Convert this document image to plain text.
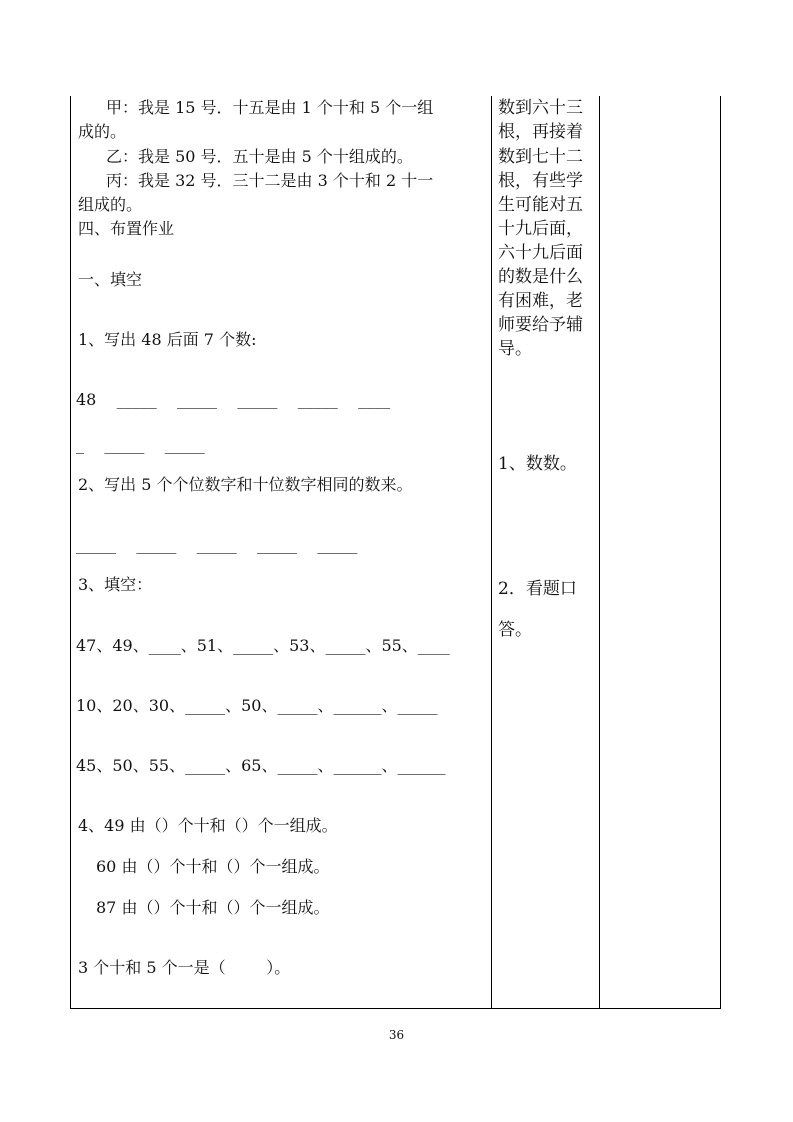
甲：我是 15 号．十五是由 1 个十和 5 个一组
成的。
乙：我是 50 号．五十是由 5 个十组成的。
丙：我是 32 号．三十二是由 3 个十和 2 十一
组成的。
四、布置作业
一、填空
1、写出 48 后面 7 个数:
48    _____    _____    _____    _____    ____
_    _____    _____
2、写出 5 个个位数字和十位数字相同的数来。
_____    _____    _____    _____    _____
3、填空：
47、49、____、51、_____、53、_____、55、____
10、20、30、_____、50、_____、______、_____
45、50、55、_____、65、_____、______、______
4、49 由（）个十和（）个一组成。
60 由（）个十和（）个一组成。
87 由（）个十和（）个一组成。
3 个十和 5 个一是（        ）。
数到六十三
根，再接着
数到七十二
根，有些学
生可能对五
十九后面，
六十九后面
的数是什么
有困难，老
师要给予辅
导。
1、数数。
2．看题口
答。
36
